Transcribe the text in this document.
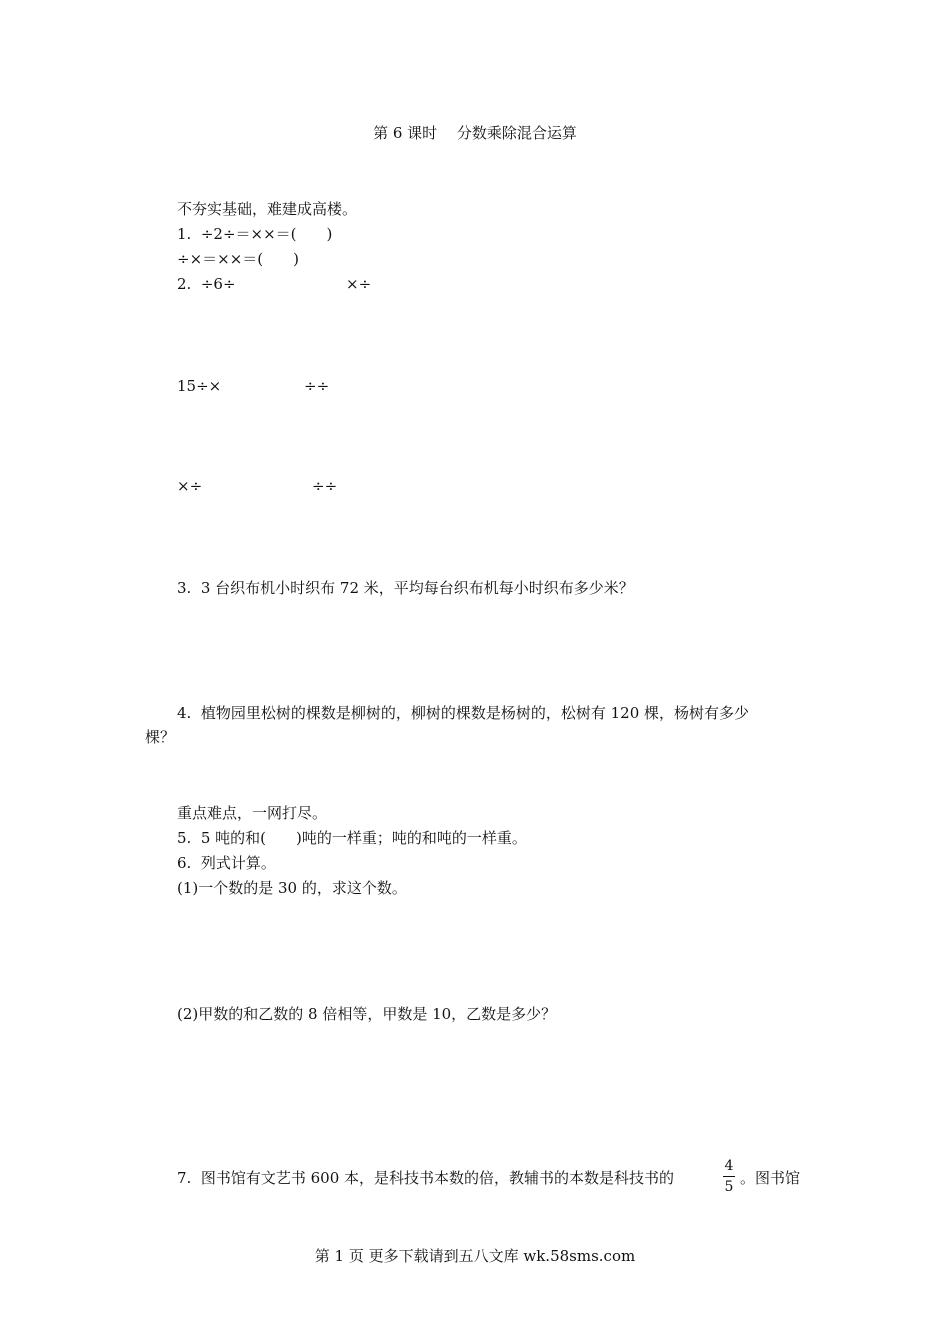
第 6 课时　 分数乘除混合运算
不夯实基础，难建成高楼。
1.  ÷2÷＝××＝(　　)
÷×＝××＝(　　)
2.  ÷6÷	×÷
15÷×	÷÷
×÷	÷÷
3.  3 台织布机小时织布 72 米，平均每台织布机每小时织布多少米？
4.  植物园里松树的棵数是柳树的，柳树的棵数是杨树的，松树有 120 棵，杨树有多少
棵？
重点难点，一网打尽。
5.  5 吨的和(　　)吨的一样重；吨的和吨的一样重。
6.  列式计算。
(1)一个数的是 30 的，求这个数。
(2)甲数的和乙数的 8 倍相等，甲数是 10，乙数是多少？
7.  图书馆有文艺书 600 本，是科技书本数的倍，教辅书的本数是科技书的
4
5 。图书馆
第 1 页 更多下载请到五八文库 wk.58sms.com
